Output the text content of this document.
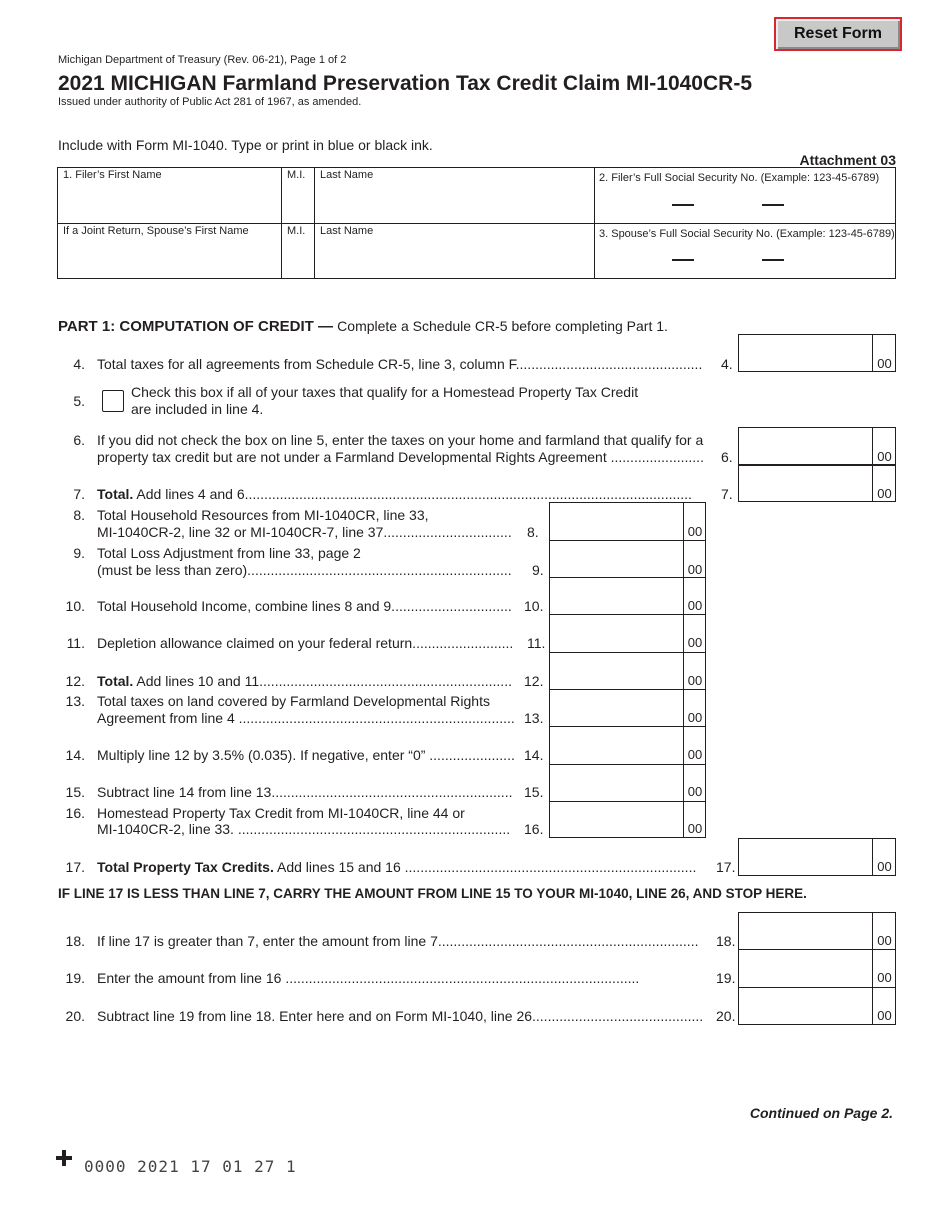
Reset Form
Michigan Department of Treasury (Rev. 06-21), Page 1 of 2
2021 MICHIGAN Farmland Preservation Tax Credit Claim MI-1040CR-5
Issued under authority of Public Act 281 of 1967, as amended.
Include with Form MI-1040. Type or print in blue or black ink.
Attachment 03
1. Filer’s First Name	M.I. Last Name	2. Filer’s Full Social Security No. (Example: 123-45-6789)
If a Joint Return, Spouse’s First Name	M.I. Last Name	3. Spouse’s Full Social Security No. (Example: 123-45-6789)
PART 1: COMPUTATION OF CREDIT — Complete a Schedule CR-5 before completing Part 1.
4. Total taxes for all agreements from Schedule CR-5, line 3, column F................................................ 4.	00
5.
Check this box if all of your taxes that qualify for a Homestead Property Tax Credit
are included in line 4.
6. If you did not check the box on line 5, enter the taxes on your home and farmland that qualify for a
property tax credit but are not under a Farmland Developmental Rights Agreement ........................ 6.	00
7. Total. Add lines 4 and 6................................................................................................................... 7.	00
8. Total Household Resources from MI-1040CR, line 33,
MI-1040CR-2, line 32 or MI-1040CR-7, line 37................................. 8.	00
9. Total Loss Adjustment from line 33, page 2
(must be less than zero).................................................................... 9.	00
10. Total Household Income, combine lines 8 and 9............................... 10.	00
11. Depletion allowance claimed on your federal return.......................... 11.	00
12. Total. Add lines 10 and 11................................................................. 12.	00
13. Total taxes on land covered by Farmland Developmental Rights
Agreement from line 4 ....................................................................... 13.	00
14. Multiply line 12 by 3.5% (0.035). If negative, enter “0” ...................... 14.	00
15. Subtract line 14 from line 13.............................................................. 15.	00
16. Homestead Property Tax Credit from MI-1040CR, line 44 or
MI-1040CR-2, line 33. ...................................................................... 16.	00
17. Total Property Tax Credits. Add lines 15 and 16 ........................................................................... 17.	00
IF LINE 17 IS LESS THAN LINE 7, CARRY THE AMOUNT FROM LINE 15 TO YOUR MI-1040, LINE 26, AND STOP HERE.
18. If line 17 is greater than 7, enter the amount from line 7................................................................... 18.	00
19. Enter the amount from line 16 ...........................................................................................	19.	00
20. Subtract line 19 from line 18. Enter here and on Form MI-1040, line 26............................................ 20.	00
Continued on Page 2.
0000 2021 17 01 27 1
